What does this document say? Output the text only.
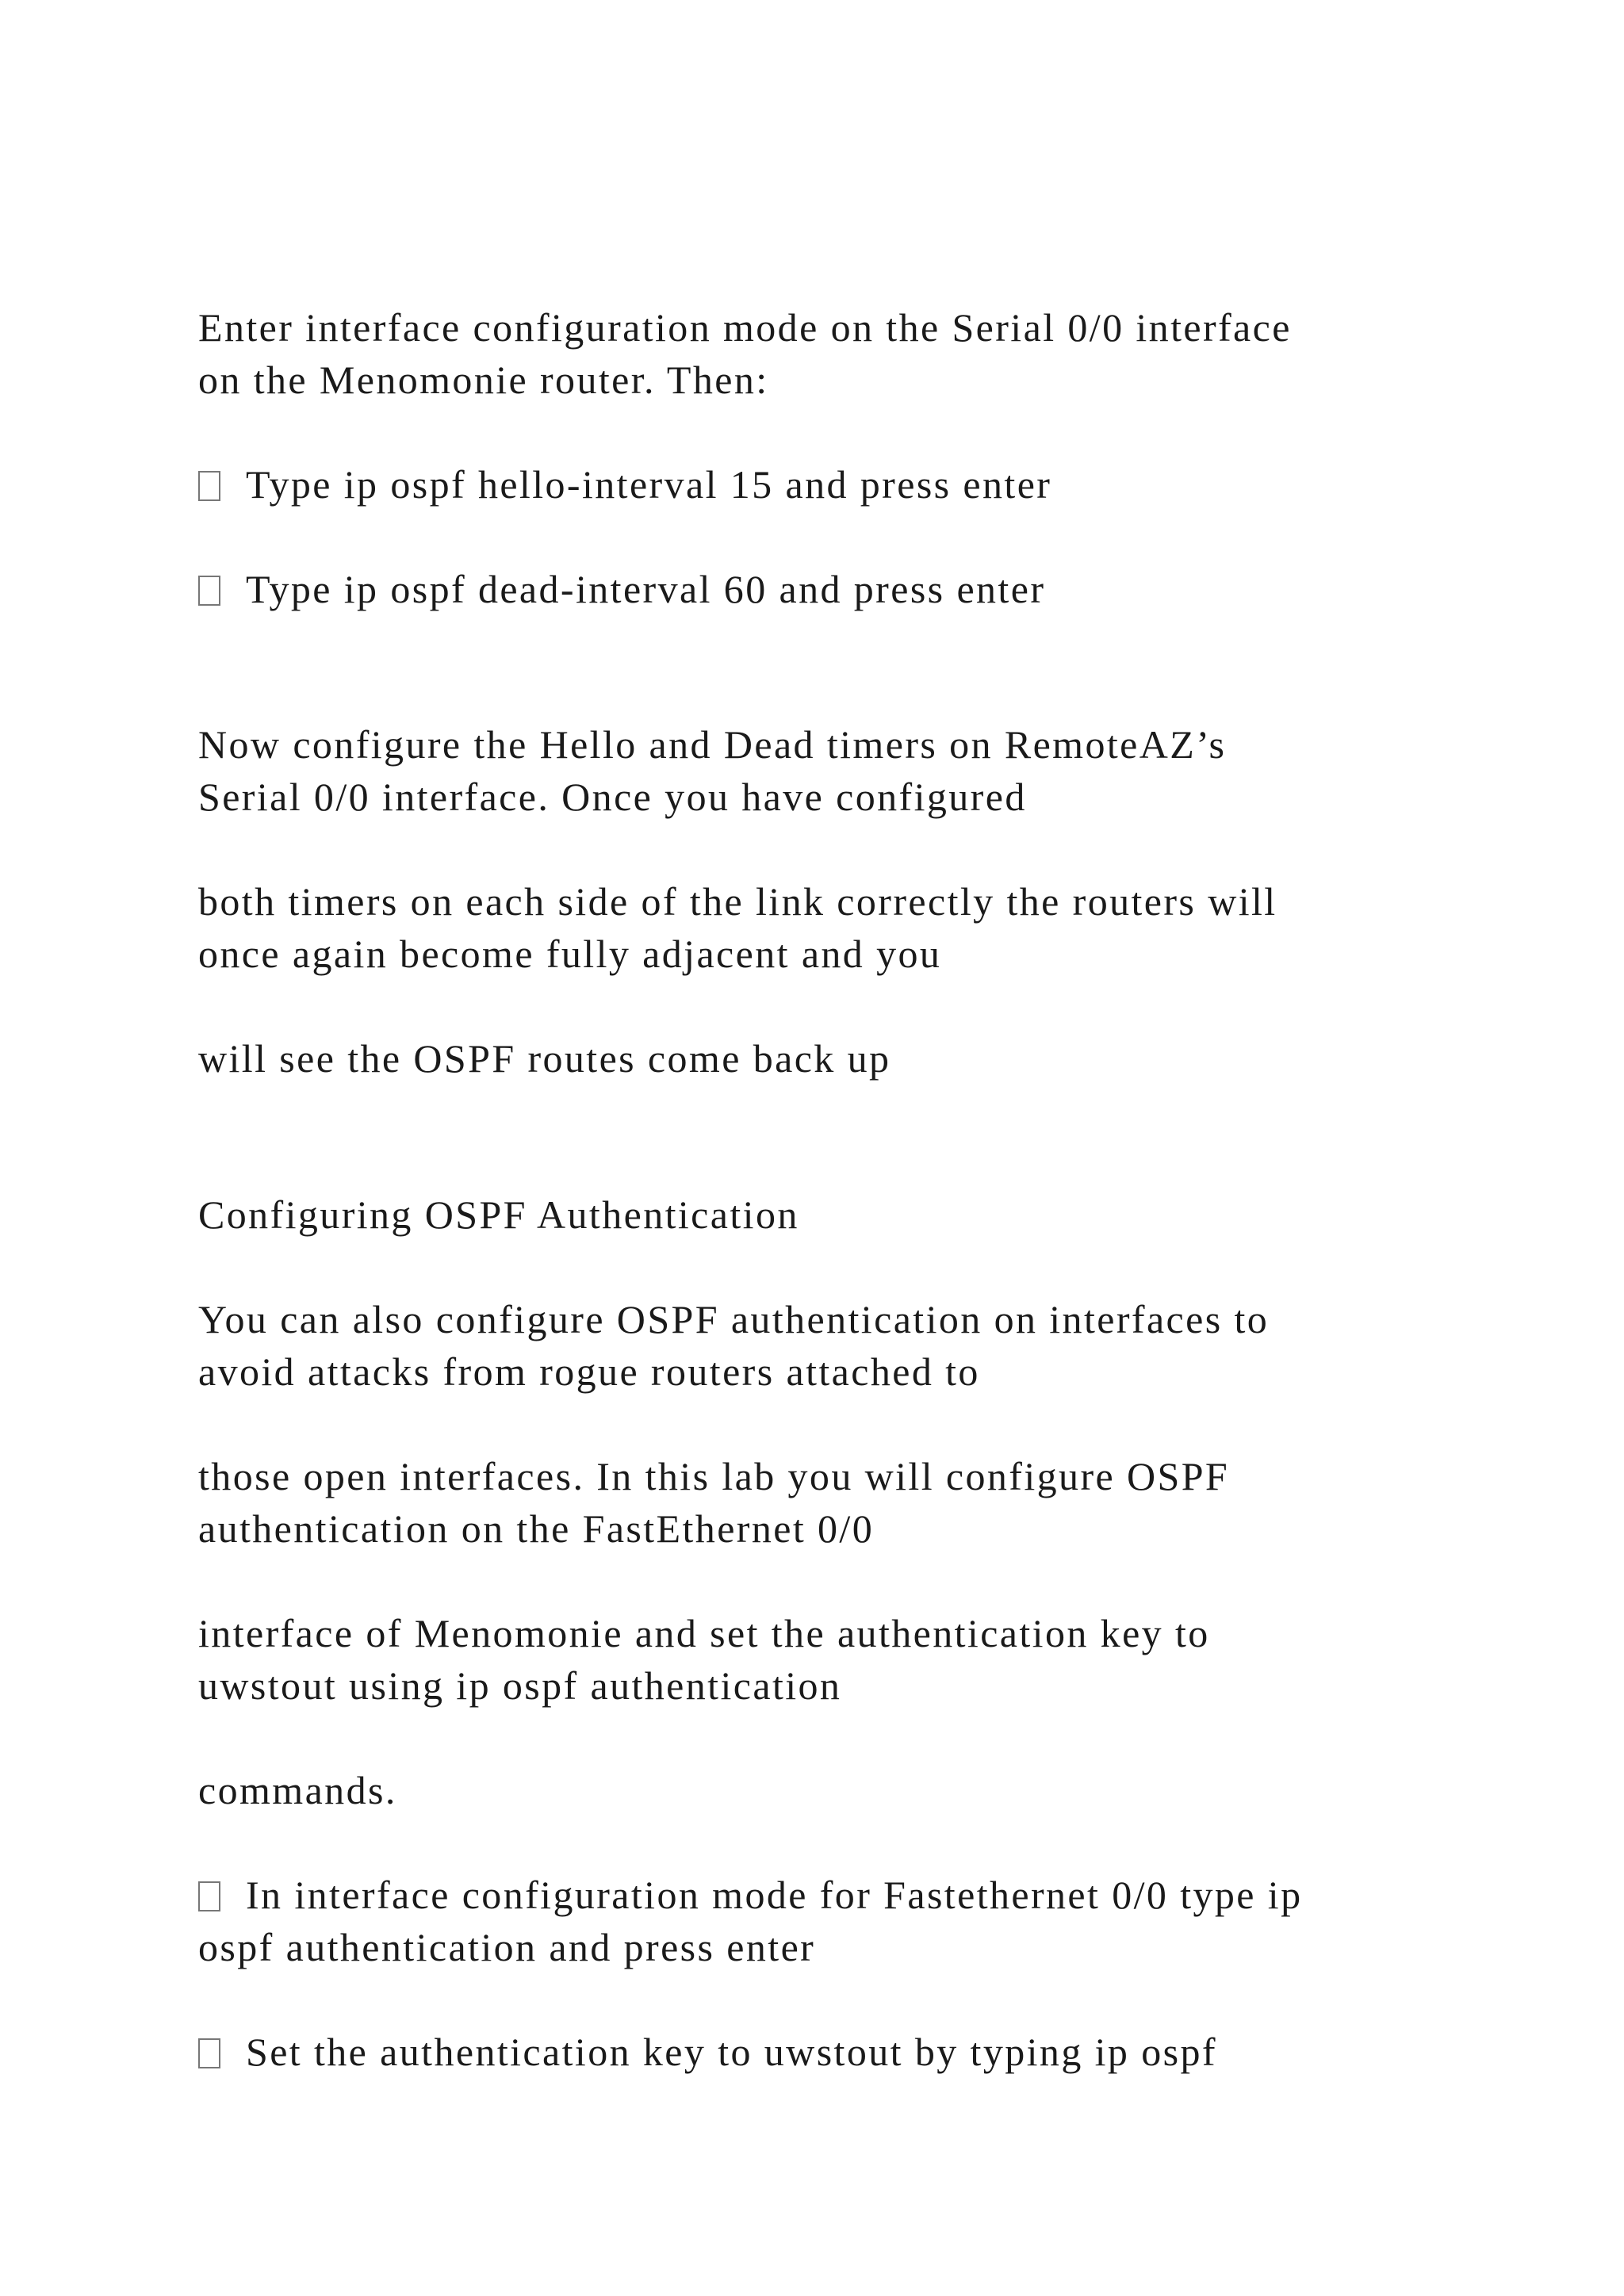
Enter interface configuration mode on the Serial 0/0 interface

on the Menomonie router. Then:

Type ip ospf hello-interval 15 and press enter

Type ip ospf dead-interval 60 and press enter

Now configure the Hello and Dead timers on RemoteAZ’s

Serial 0/0 interface. Once you have configured

both timers on each side of the link correctly the routers will

once again become fully adjacent and you

will see the OSPF routes come back up

Configuring OSPF Authentication

You can also configure OSPF authentication on interfaces to

avoid attacks from rogue routers attached to

those open interfaces. In this lab you will configure OSPF

authentication on the FastEthernet 0/0

interface of Menomonie and set the authentication key to

uwstout using ip ospf authentication

commands.

In interface configuration mode for Fastethernet 0/0 type ip

ospf authentication and press enter

Set the authentication key to uwstout by typing ip ospf
